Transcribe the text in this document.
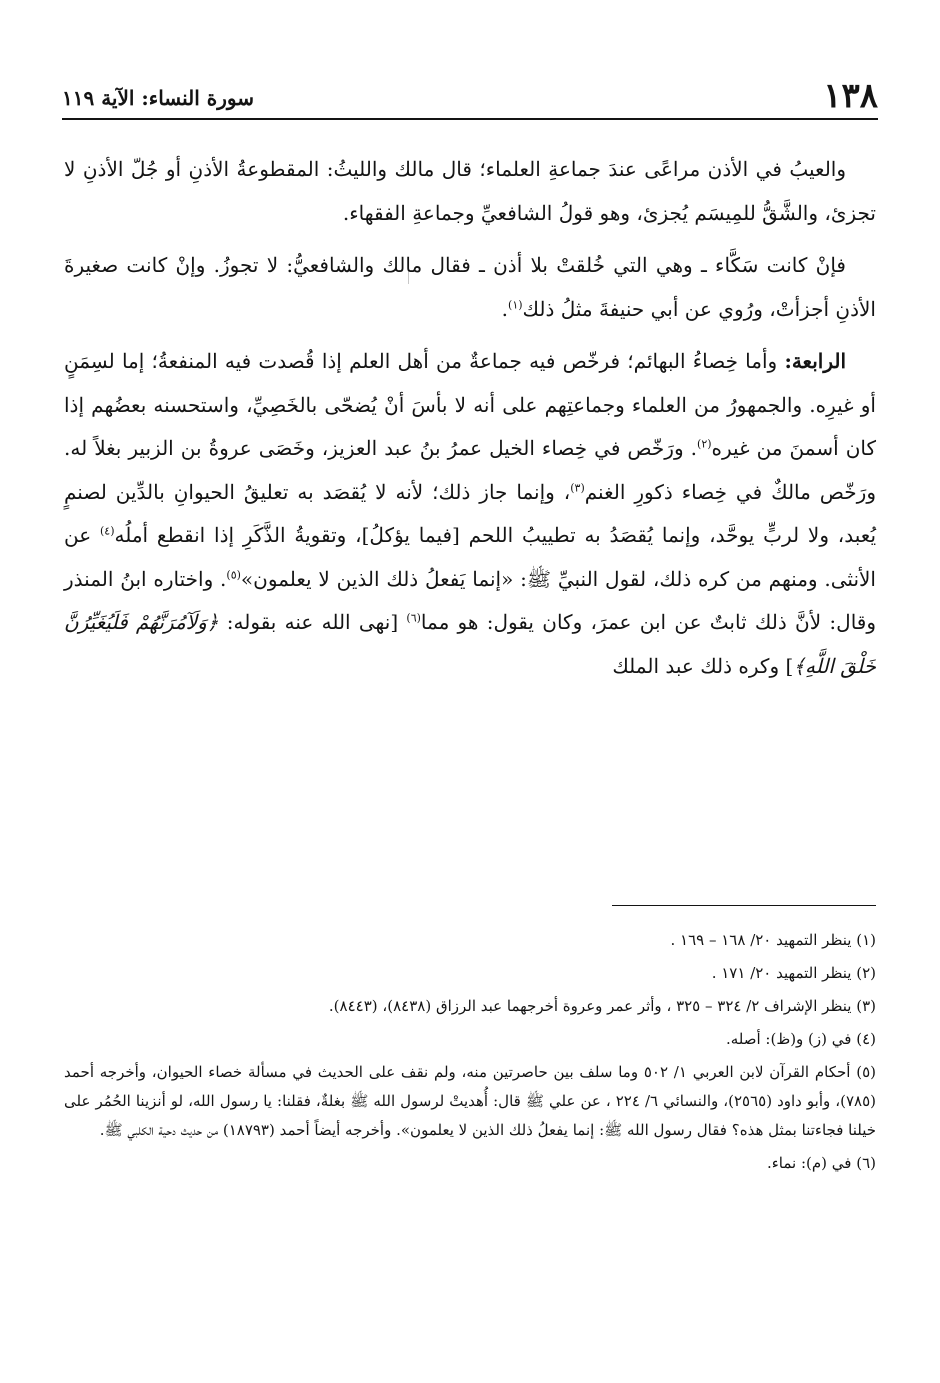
١٣٨
سورة النساء: الآية ١١٩

والعيبُ في الأذن مراعًى عندَ جماعةِ العلماء؛ قال مالك والليثُ: المقطوعةُ الأذنِ أو جُلّ الأذنِ لا تجزئ، والشَّقُّ للمِيسَم يُجزئ، وهو قولُ الشافعيِّ وجماعةِ الفقهاء.

فإنْ كانت سَكَّاء ـ وهي التي خُلقتْ بلا أذن ـ فقال مالك والشافعيُّ: لا تجوزُ. وإنْ كانت صغيرةَ الأذنِ أجزأتْ، ورُوي عن أبي حنيفةَ مثلُ ذلك$^{(١)}$.

الرابعة: وأما خِصاءُ البهائم؛ فرخّص فيه جماعةٌ من أهل العلم إذا قُصدت فيه المنفعةُ؛ إما لسِمَنٍ أو غيرِه. والجمهورُ من العلماء وجماعتِهم على أنه لا بأسَ أنْ يُضحّى بالخَصِيِّ، واستحسنه بعضُهم إذا كان أسمنَ من غيره$^{(٢)}$. ورَخّص في خِصاء الخيل عمرُ بنُ عبد العزيز، وخَصَى عروةُ بن الزبير بغلاً له. ورَخّص مالكٌ في خِصاء ذكورِ الغنم$^{(٣)}$، وإنما جاز ذلك؛ لأنه لا يُقصَد به تعليقُ الحيوانِ بالدِّين لصنمٍ يُعبد، ولا لربٍّ يوحَّد، وإنما يُقصَدُ به تطييبُ اللحم [فيما يؤكلُ]، وتقويةُ الذَّكَرِ إذا انقطع أملُه$^{(٤)}$ عن الأنثى. ومنهم من كره ذلك، لقول النبيِّ ﷺ: «إنما يَفعلُ ذلك الذين لا يعلمون»$^{(٥)}$. واختاره ابنُ المنذر وقال: لأنَّ ذلك ثابتٌ عن ابن عمرَ، وكان يقول: هو مما$^{(٦)}$ [نهى الله عنه بقوله: ﴿وَلَآمُرَنَّهُمْ فَلَيُغَيِّرُنَّ خَلْقَ اللَّهِ﴾] وكره ذلك عبد الملك

(١) ينظر التمهيد ٢٠/ ١٦٨ – ١٦٩ .
(٢) ينظر التمهيد ٢٠/ ١٧١ .
(٣) ينظر الإشراف ٢/ ٣٢٤ – ٣٢٥ ، وأثر عمر وعروة أخرجهما عبد الرزاق (٨٤٣٨)، (٨٤٤٣).
(٤) في (ز) و(ظ): أصله.
(٥) أحكام القرآن لابن العربي ١/ ٥٠٢ وما سلف بين حاصرتين منه، ولم نقف على الحديث في مسألة خصاء الحيوان، وأخرجه أحمد (٧٨٥)، وأبو داود (٢٥٦٥)، والنسائي ٦/ ٢٢٤ ، عن علي ﷺ قال: أُهديتْ لرسول الله ﷺ بغلةٌ، فقلنا: يا رسول الله، لو أنزينا الحُمُر على خيلنا فجاءتنا بمثل هذه؟ فقال رسول الله ﷺ: إنما يفعلُ ذلك الذين لا يعلمون». وأخرجه أيضاً أحمد (١٨٧٩٣) من حديث دحية الكلبي ﷺ.
(٦) في (م): نماء.
